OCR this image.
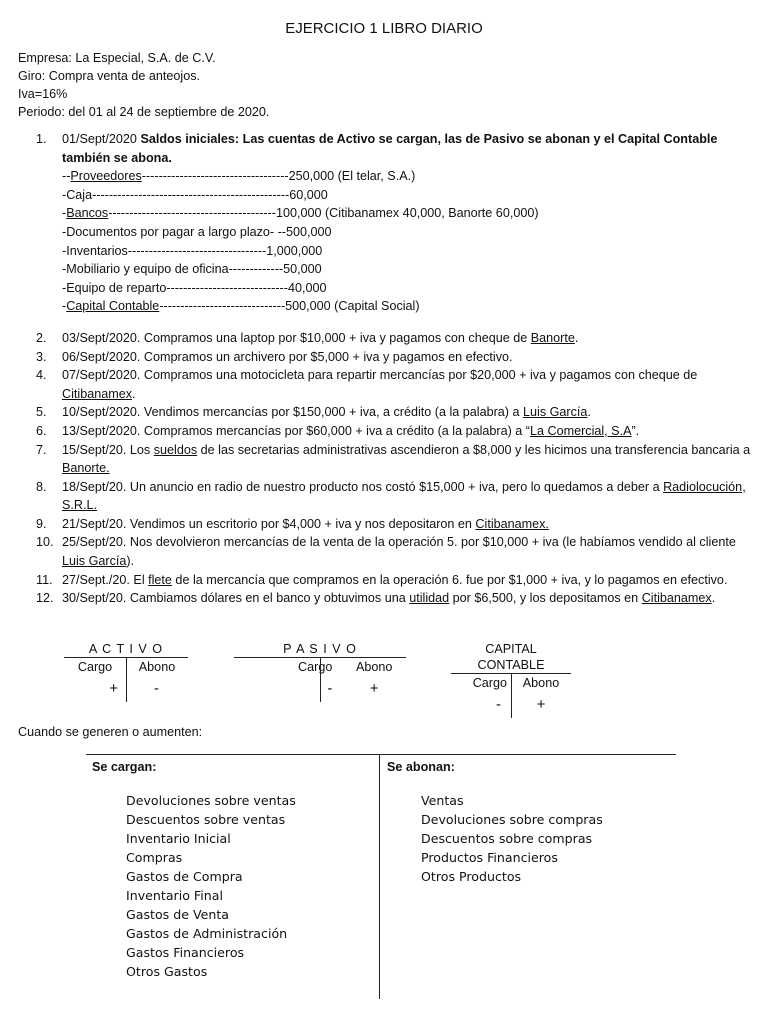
EJERCICIO 1 LIBRO DIARIO
Empresa: La Especial, S.A. de C.V.
Giro: Compra venta de anteojos.
Iva=16%
Periodo: del 01 al 24 de septiembre de 2020.
1. 01/Sept/2020 Saldos iniciales: Las cuentas de Activo se cargan, las de Pasivo se abonan y el Capital Contable también se abona.
--Proveedores-----------------------------------250,000 (El telar, S.A.)
-Caja-----------------------------------------------60,000
-Bancos----------------------------------------100,000 (Citibanamex 40,000, Banorte 60,000)
-Documentos por pagar a largo plazo- --500,000
-Inventarios---------------------------------1,000,000
-Mobiliario y equipo de oficina-------------50,000
-Equipo de reparto-----------------------------40,000
-Capital Contable------------------------------500,000 (Capital Social)
2. 03/Sept/2020. Compramos una laptop por $10,000 + iva y pagamos con cheque de Banorte.
3. 06/Sept/2020. Compramos un archivero por $5,000 + iva y pagamos en efectivo.
4. 07/Sept/2020. Compramos una motocicleta para repartir mercancías por $20,000 + iva y pagamos con cheque de Citibanamex.
5. 10/Sept/2020. Vendimos mercancías por $150,000 + iva, a crédito (a la palabra) a Luis García.
6. 13/Sept/2020. Compramos mercancías por $60,000 + iva a crédito (a la palabra) a “La Comercial, S.A”.
7. 15/Sept/20. Los sueldos de las secretarias administrativas ascendieron a $8,000 y les hicimos una transferencia bancaria a Banorte.
8. 18/Sept/20. Un anuncio en radio de nuestro producto nos costó $15,000 + iva, pero lo quedamos a deber a Radiolocución, S.R.L.
9. 21/Sept/20. Vendimos un escritorio por $4,000 + iva y nos depositaron en Citibanamex.
10. 25/Sept/20. Nos devolvieron mercancías de la venta de la operación 5. por $10,000 + iva (le habíamos vendido al cliente Luis García).
11. 27/Sept./20. El flete de la mercancía que compramos en la operación 6. fue por $1,000 + iva, y lo pagamos en efectivo.
12. 30/Sept/20. Cambiamos dólares en el banco y obtuvimos una utilidad por $6,500, y los depositamos en Citibanamex.
A C T I V O
Cargo
+
Abono
-
P A S I V O
Cargo
-
Abono
+
CAPITAL CONTABLE
Cargo
-
Abono
+
Cuando se generen o aumenten:
Se cargan:
Devoluciones sobre ventas
Descuentos sobre ventas
Inventario Inicial
Compras
Gastos de Compra
Inventario Final
Gastos de Venta
Gastos de Administración
Gastos Financieros
Otros Gastos
Se abonan:
Ventas
Devoluciones sobre compras
Descuentos sobre compras
Productos Financieros
Otros Productos
